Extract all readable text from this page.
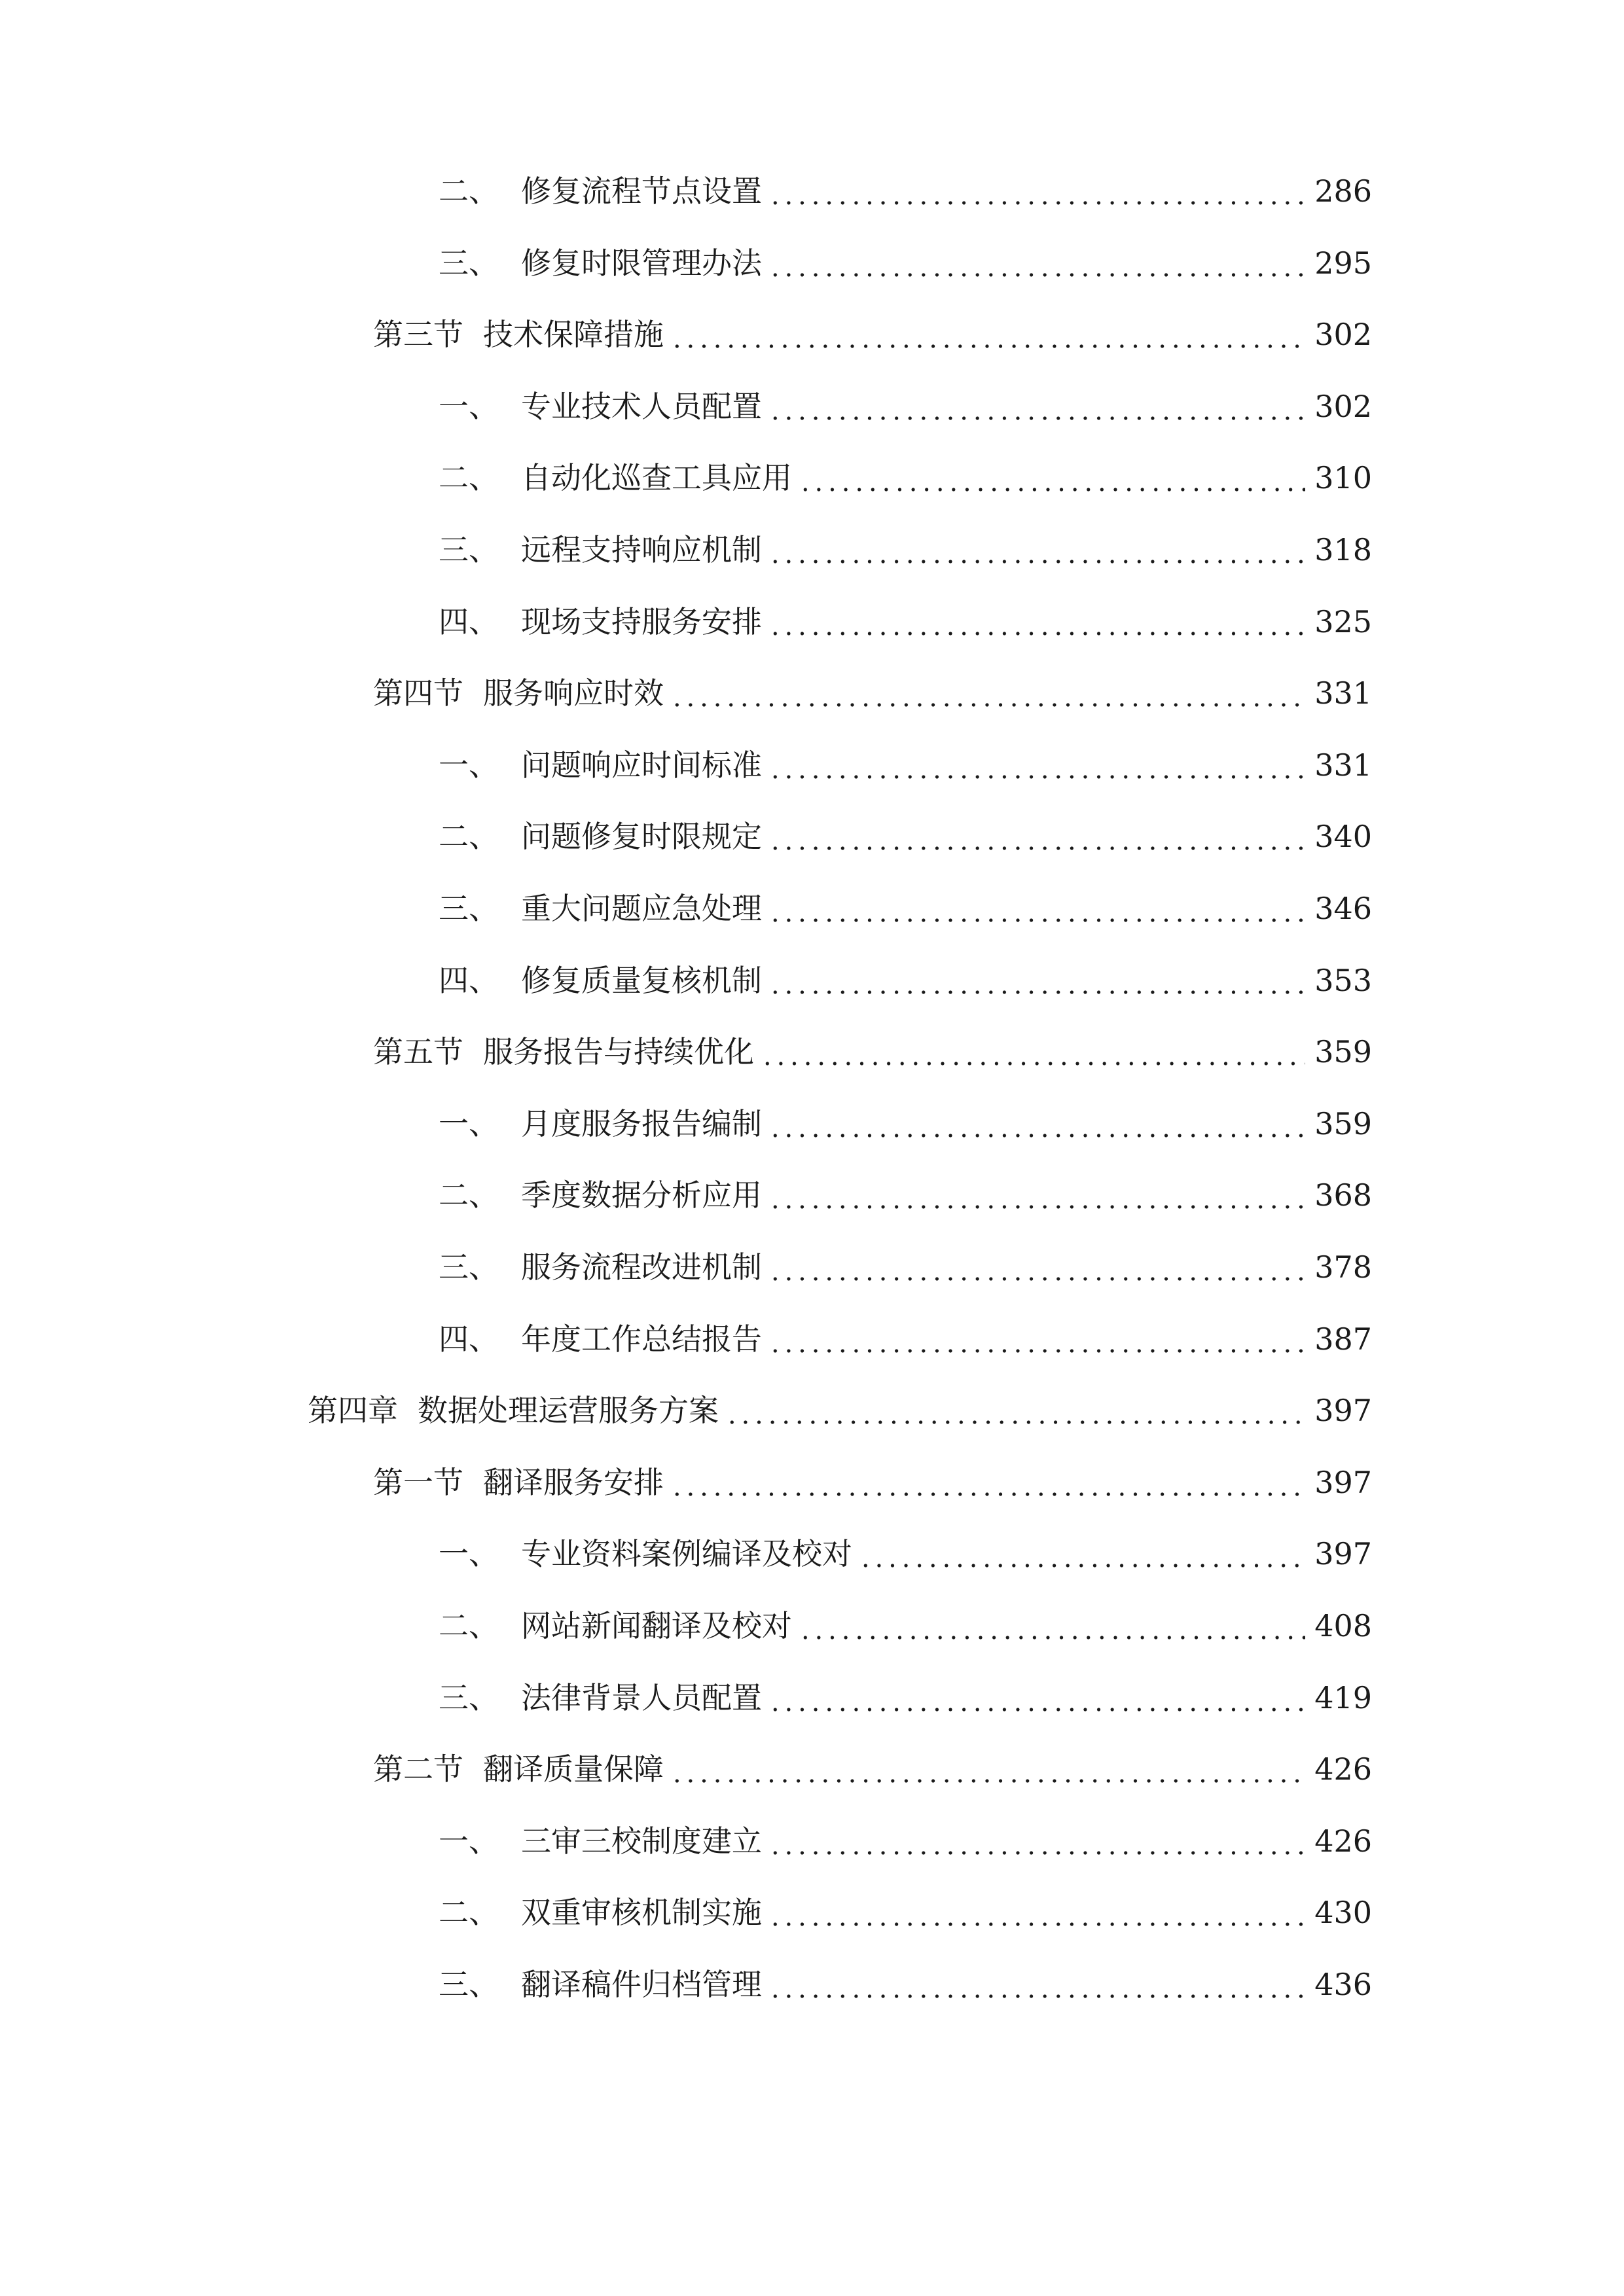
二、 修复流程节点设置	286
三、 修复时限管理办法	295
第三节 技术保障措施	302
一、 专业技术人员配置	302
二、 自动化巡查工具应用	310
三、 远程支持响应机制	318
四、 现场支持服务安排	325
第四节 服务响应时效	331
一、 问题响应时间标准	331
二、 问题修复时限规定	340
三、 重大问题应急处理	346
四、 修复质量复核机制	353
第五节 服务报告与持续优化	359
一、 月度服务报告编制	359
二、 季度数据分析应用	368
三、 服务流程改进机制	378
四、 年度工作总结报告	387
第四章 数据处理运营服务方案	397
第一节 翻译服务安排	397
一、 专业资料案例编译及校对	397
二、 网站新闻翻译及校对	408
三、 法律背景人员配置	419
第二节 翻译质量保障	426
一、 三审三校制度建立	426
二、 双重审核机制实施	430
三、 翻译稿件归档管理	436
